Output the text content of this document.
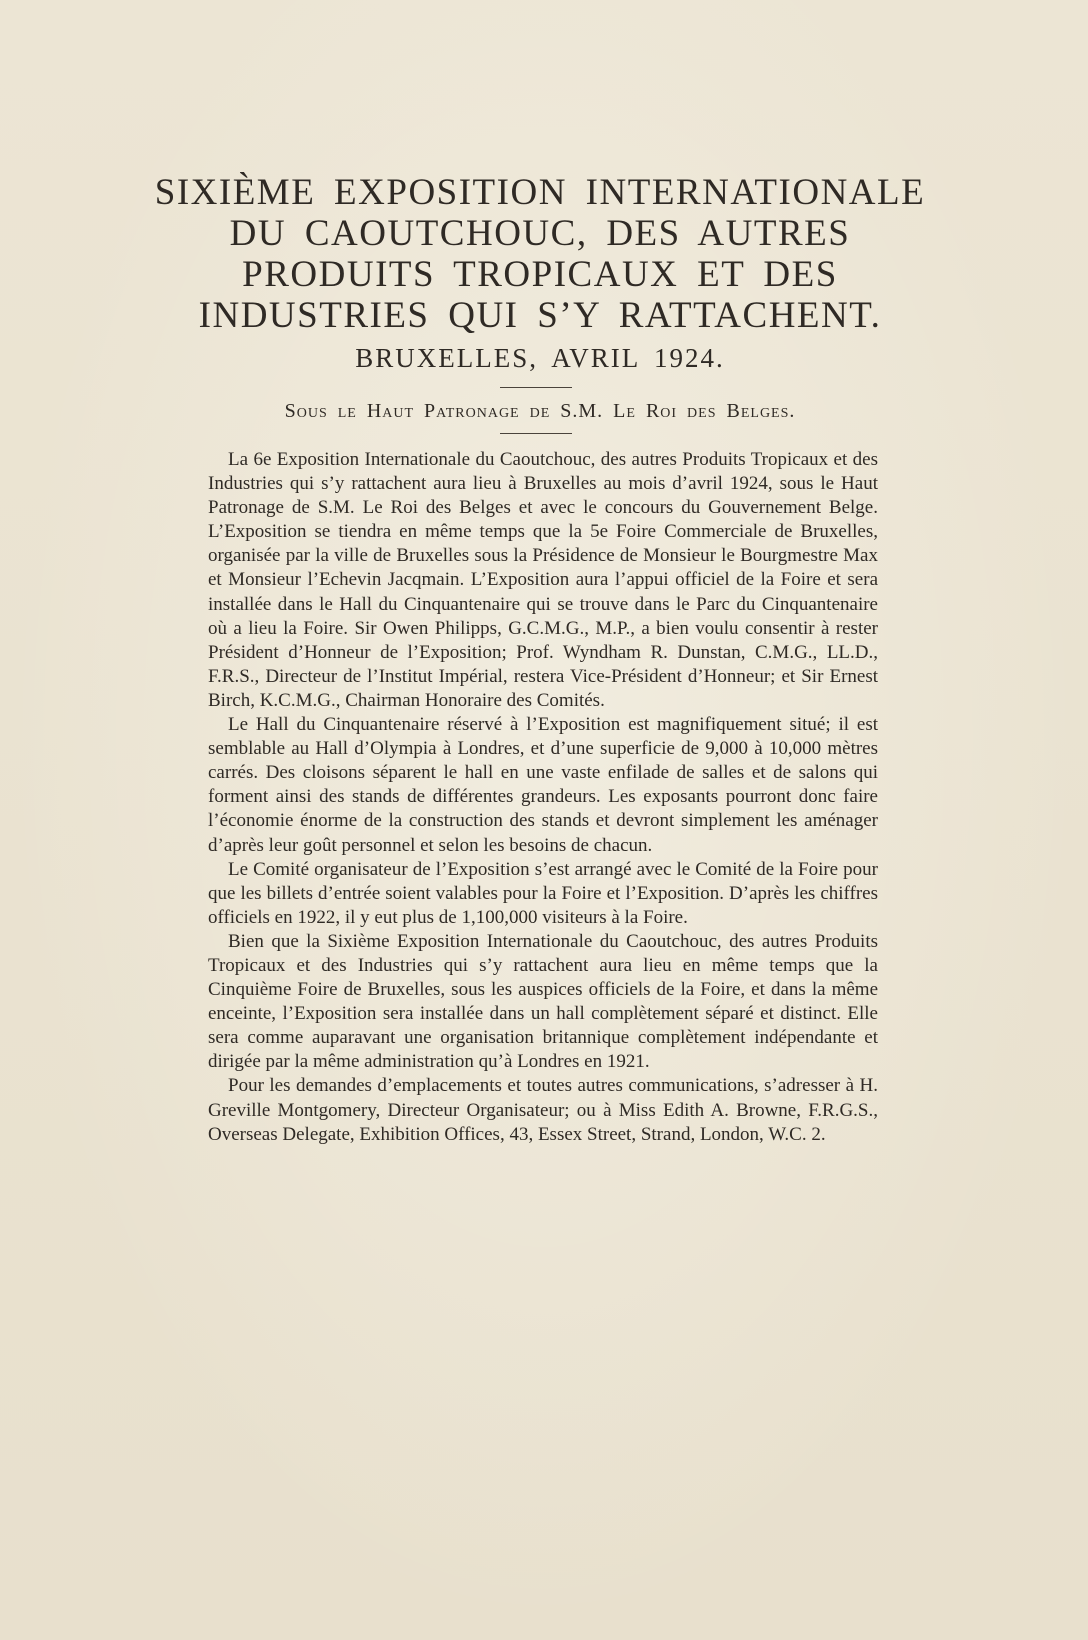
SIXIÈME EXPOSITION INTERNATIONALE
DU CAOUTCHOUC, DES AUTRES
PRODUITS TROPICAUX ET DES
INDUSTRIES QUI S’Y RATTACHENT.
BRUXELLES, AVRIL 1924.
Sous le Haut Patronage de S.M. Le Roi des Belges.

La 6e Exposition Internationale du Caoutchouc, des autres Produits Tropicaux et des Industries qui s’y rattachent aura lieu à Bruxelles au mois d’avril 1924, sous le Haut Patronage de S.M. Le Roi des Belges et avec le concours du Gouvernement Belge. L’Exposition se tiendra en même temps que la 5e Foire Commerciale de Bruxelles, organisée par la ville de Bruxelles sous la Présidence de Monsieur le Bourgmestre Max et Monsieur l’Echevin Jacqmain. L’Exposition aura l’appui officiel de la Foire et sera installée dans le Hall du Cinquantenaire qui se trouve dans le Parc du Cinquantenaire où a lieu la Foire. Sir Owen Philipps, G.C.M.G., M.P., a bien voulu consentir à rester Président d’Honneur de l’Exposition; Prof. Wyndham R. Dunstan, C.M.G., LL.D., F.R.S., Directeur de l’Institut Impérial, restera Vice-Président d’Honneur; et Sir Ernest Birch, K.C.M.G., Chairman Honoraire des Comités.

Le Hall du Cinquantenaire réservé à l’Exposition est magnifiquement situé; il est semblable au Hall d’Olympia à Londres, et d’une superficie de 9,000 à 10,000 mètres carrés. Des cloisons séparent le hall en une vaste enfilade de salles et de salons qui forment ainsi des stands de différentes grandeurs. Les exposants pourront donc faire l’économie énorme de la construction des stands et devront simplement les aménager d’après leur goût personnel et selon les besoins de chacun.

Le Comité organisateur de l’Exposition s’est arrangé avec le Comité de la Foire pour que les billets d’entrée soient valables pour la Foire et l’Exposition. D’après les chiffres officiels en 1922, il y eut plus de 1,100,000 visiteurs à la Foire.

Bien que la Sixième Exposition Internationale du Caoutchouc, des autres Produits Tropicaux et des Industries qui s’y rattachent aura lieu en même temps que la Cinquième Foire de Bruxelles, sous les auspices officiels de la Foire, et dans la même enceinte, l’Exposition sera installée dans un hall complètement séparé et distinct. Elle sera comme auparavant une organisation britannique complètement indépendante et dirigée par la même administration qu’à Londres en 1921.

Pour les demandes d’emplacements et toutes autres communications, s’adresser à H. Greville Montgomery, Directeur Organisateur; ou à Miss Edith A. Browne, F.R.G.S., Overseas Delegate, Exhibition Offices, 43, Essex Street, Strand, London, W.C. 2.
